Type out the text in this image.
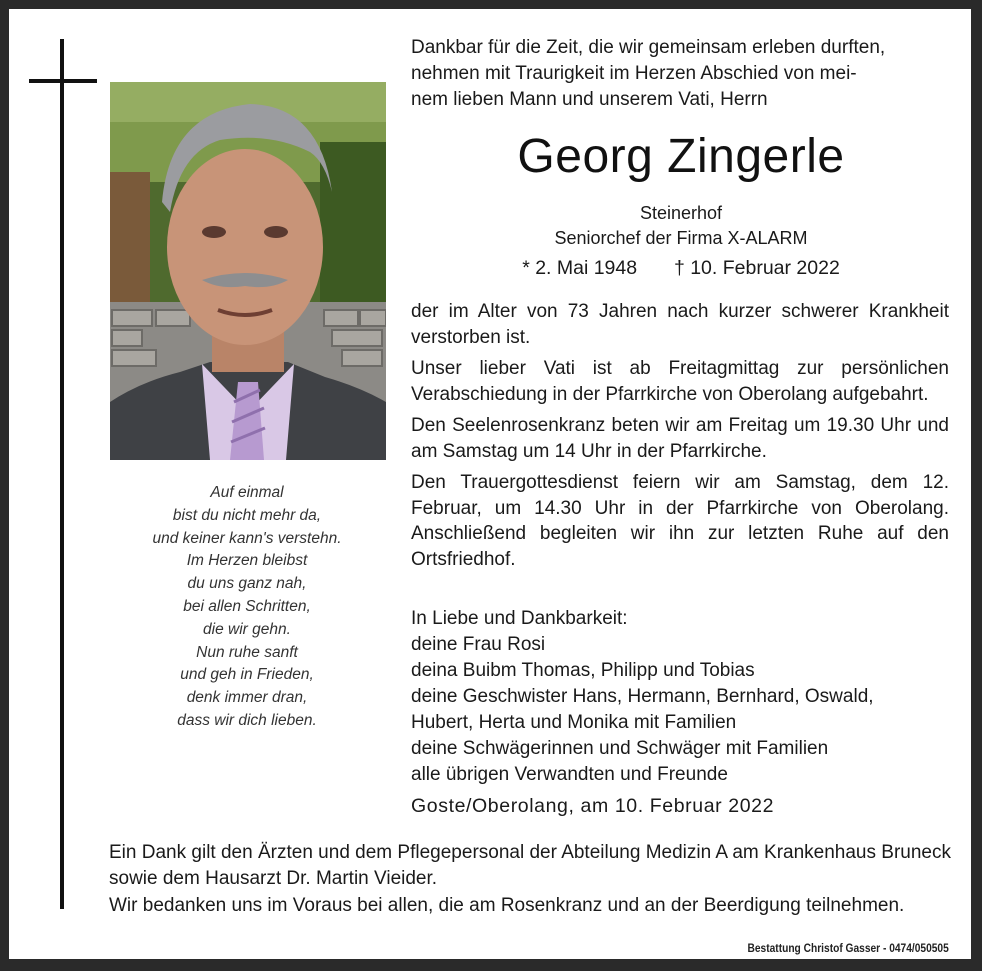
Auf einmal
bist du nicht mehr da,
und keiner kann's verstehn.
Im Herzen bleibst
du uns ganz nah,
bei allen Schritten,
die wir gehn.
Nun ruhe sanft
und geh in Frieden,
denk immer dran,
dass wir dich lieben.
Dankbar für die Zeit, die wir gemeinsam erleben durften,
nehmen mit Traurigkeit im Herzen Abschied von mei-
nem lieben Mann und unserem Vati, Herrn
Georg Zingerle
Steinerhof
Seniorchef der Firma X-ALARM
* 2. Mai 1948 † 10. Februar 2022

der im Alter von 73 Jahren nach kurzer schwerer Krankheit verstorben ist.

Unser lieber Vati ist ab Freitagmittag zur persönlichen Verabschiedung in der Pfarrkirche von Oberolang aufgebahrt.

Den Seelenrosenkranz beten wir am Freitag um 19.30 Uhr und am Samstag um 14 Uhr in der Pfarrkirche.

Den Trauergottesdienst feiern wir am Samstag, dem 12. Februar, um 14.30 Uhr in der Pfarrkirche von Oberolang. Anschließend begleiten wir ihn zur letzten Ruhe auf den Ortsfriedhof.

In Liebe und Dankbarkeit:
deine Frau Rosi
deina Buibm Thomas, Philipp und Tobias
deine Geschwister Hans, Hermann, Bernhard, Oswald,
Hubert, Herta und Monika mit Familien
deine Schwägerinnen und Schwäger mit Familien
alle übrigen Verwandten und Freunde
Goste/Oberolang, am 10. Februar 2022
Ein Dank gilt den Ärzten und dem Pflegepersonal der Abteilung Medizin A am Krankenhaus Bruneck sowie dem Hausarzt Dr. Martin Vieider.
Wir bedanken uns im Voraus bei allen, die am Rosenkranz und an der Beerdigung teilnehmen.
Bestattung Christof Gasser - 0474/050505
